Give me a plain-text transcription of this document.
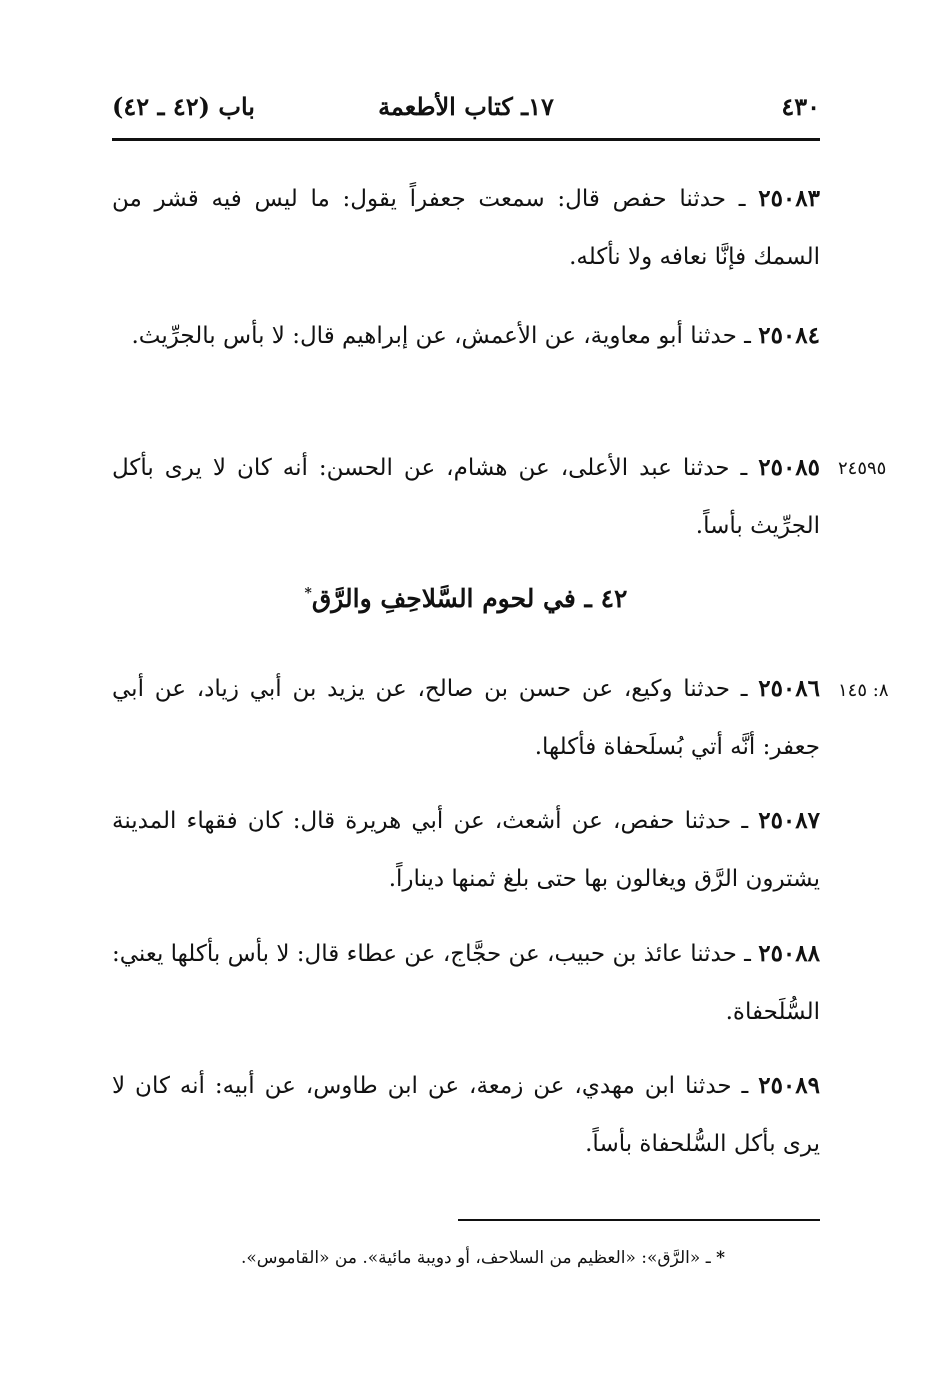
٤٣٠
١٧ـ كتاب الأطعمة
باب (٤٢ ـ ٤٢)
٢٥٠٨٣ ـ حدثنا حفص قال: سمعت جعفراً يقول: ما ليس فيه قشر من السمك فإنَّا نعافه ولا نأكله.
٢٥٠٨٤ ـ حدثنا أبو معاوية، عن الأعمش، عن إبراهيم قال: لا بأس بالجرِّيث.
٢٤٥٩٥
٢٥٠٨٥ ـ حدثنا عبد الأعلى، عن هشام، عن الحسن: أنه كان لا يرى بأكل الجرِّيث بأساً.
٤٢ ـ في لحوم السَّلاحِفِ والرَّق*
٨: ١٤٥
٢٥٠٨٦ ـ حدثنا وكيع، عن حسن بن صالح، عن يزيد بن أبي زياد، عن أبي جعفر: أنَّه أتي بُسلَحفاة فأكلها.
٢٥٠٨٧ ـ حدثنا حفص، عن أشعث، عن أبي هريرة قال: كان فقهاء المدينة يشترون الرَّق ويغالون بها حتى بلغ ثمنها ديناراً.
٢٥٠٨٨ ـ حدثنا عائذ بن حبيب، عن حجَّاج، عن عطاء قال: لا بأس بأكلها يعني: السُّلَحفاة.
٢٥٠٨٩ ـ حدثنا ابن مهدي، عن زمعة، عن ابن طاوس، عن أبيه: أنه كان لا يرى بأكل السُّلحفاة بأساً.
* ـ «الرَّق»: «العظيم من السلاحف، أو دويبة مائية». من «القاموس».
